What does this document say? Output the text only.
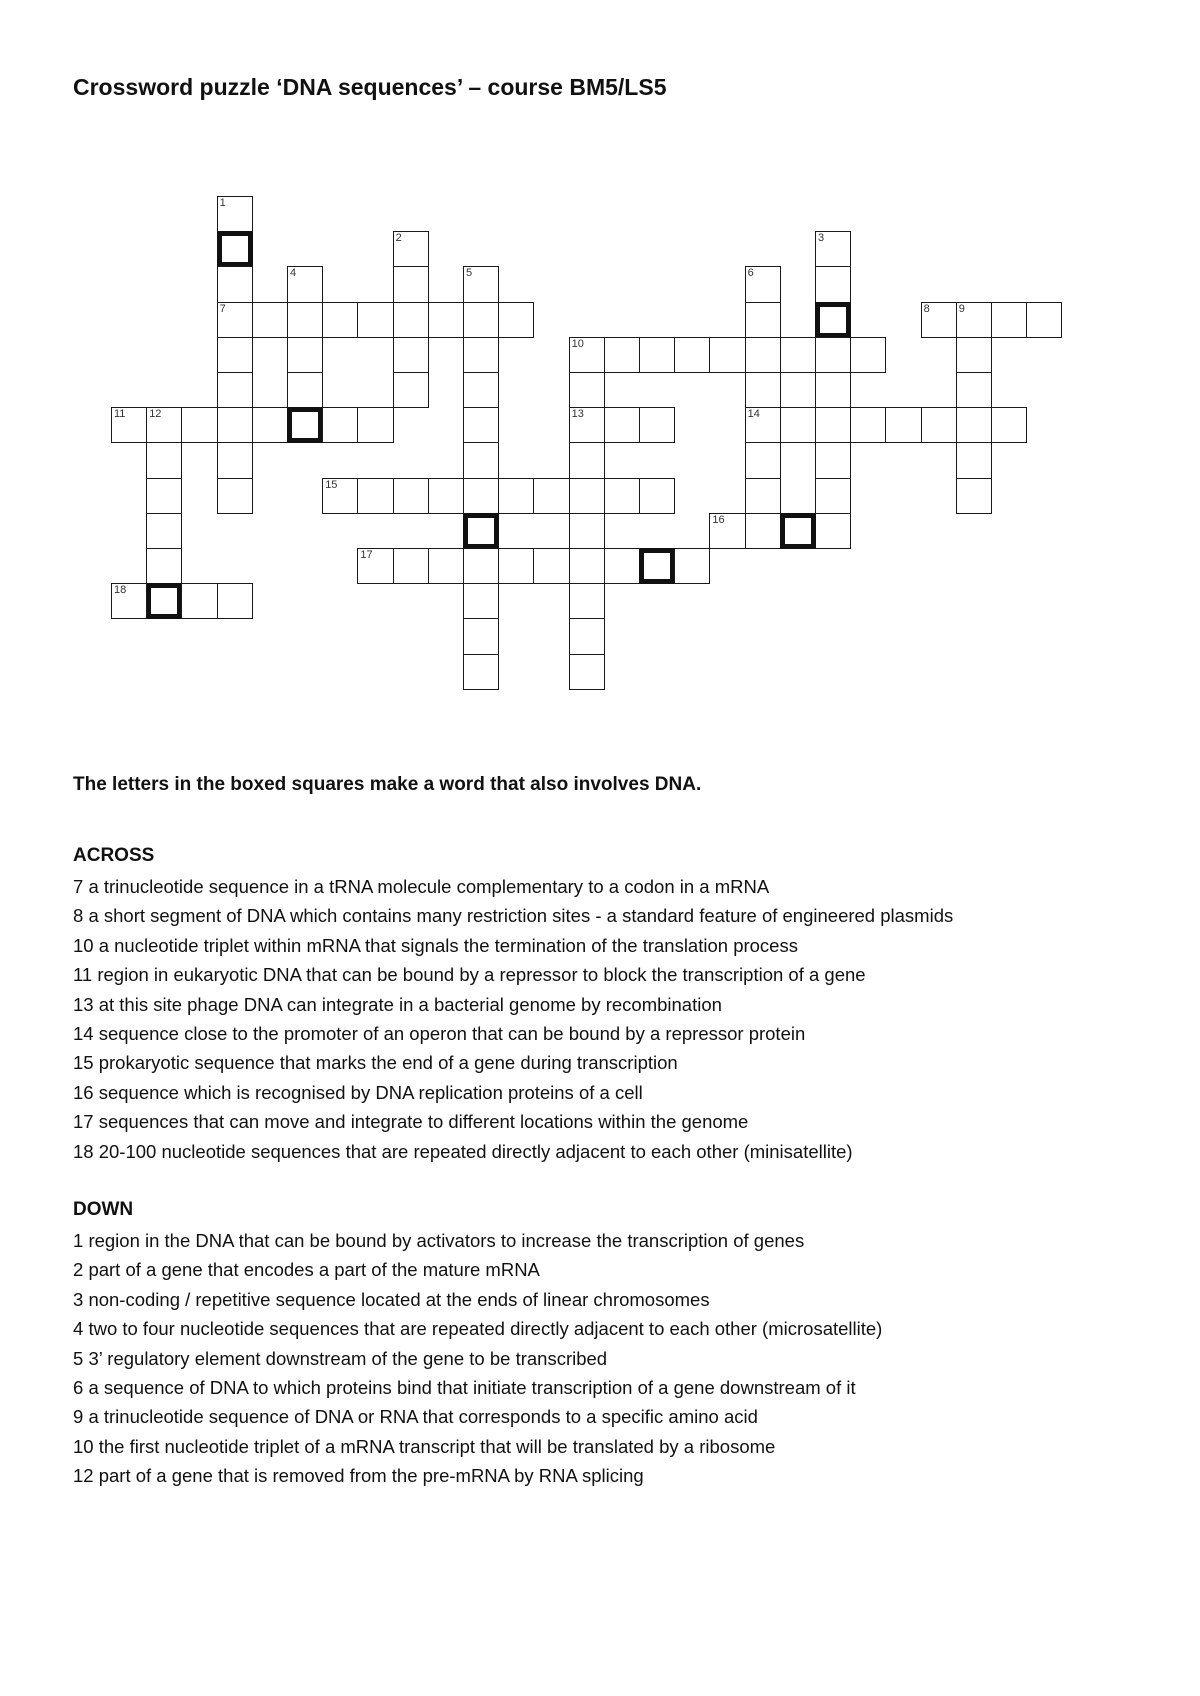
Crossword puzzle ‘DNA sequences’ – course BM5/LS5
1
7
2	3
4	5	6
14
8	9
10
13
11 12
15
16
17
18

The letters in the boxed squares make a word that also involves DNA.

ACROSS
7 a trinucleotide sequence in a tRNA molecule complementary to a codon in a mRNA
8 a short segment of DNA which contains many restriction sites - a standard feature of engineered plasmids
10 a nucleotide triplet within mRNA that signals the termination of the translation process
11 region in eukaryotic DNA that can be bound by a repressor to block the transcription of a gene
13 at this site phage DNA can integrate in a bacterial genome by recombination
14 sequence close to the promoter of an operon that can be bound by a repressor protein
15 prokaryotic sequence that marks the end of a gene during transcription
16 sequence which is recognised by DNA replication proteins of a cell
17 sequences that can move and integrate to different locations within the genome
18 20-100 nucleotide sequences that are repeated directly adjacent to each other (minisatellite)
DOWN
1 region in the DNA that can be bound by activators to increase the transcription of genes
2 part of a gene that encodes a part of the mature mRNA
3 non-coding / repetitive sequence located at the ends of linear chromosomes
4 two to four nucleotide sequences that are repeated directly adjacent to each other (microsatellite)
5 3’ regulatory element downstream of the gene to be transcribed
6 a sequence of DNA to which proteins bind that initiate transcription of a gene downstream of it
9 a trinucleotide sequence of DNA or RNA that corresponds to a specific amino acid
10 the first nucleotide triplet of a mRNA transcript that will be translated by a ribosome
12 part of a gene that is removed from the pre-mRNA by RNA splicing
